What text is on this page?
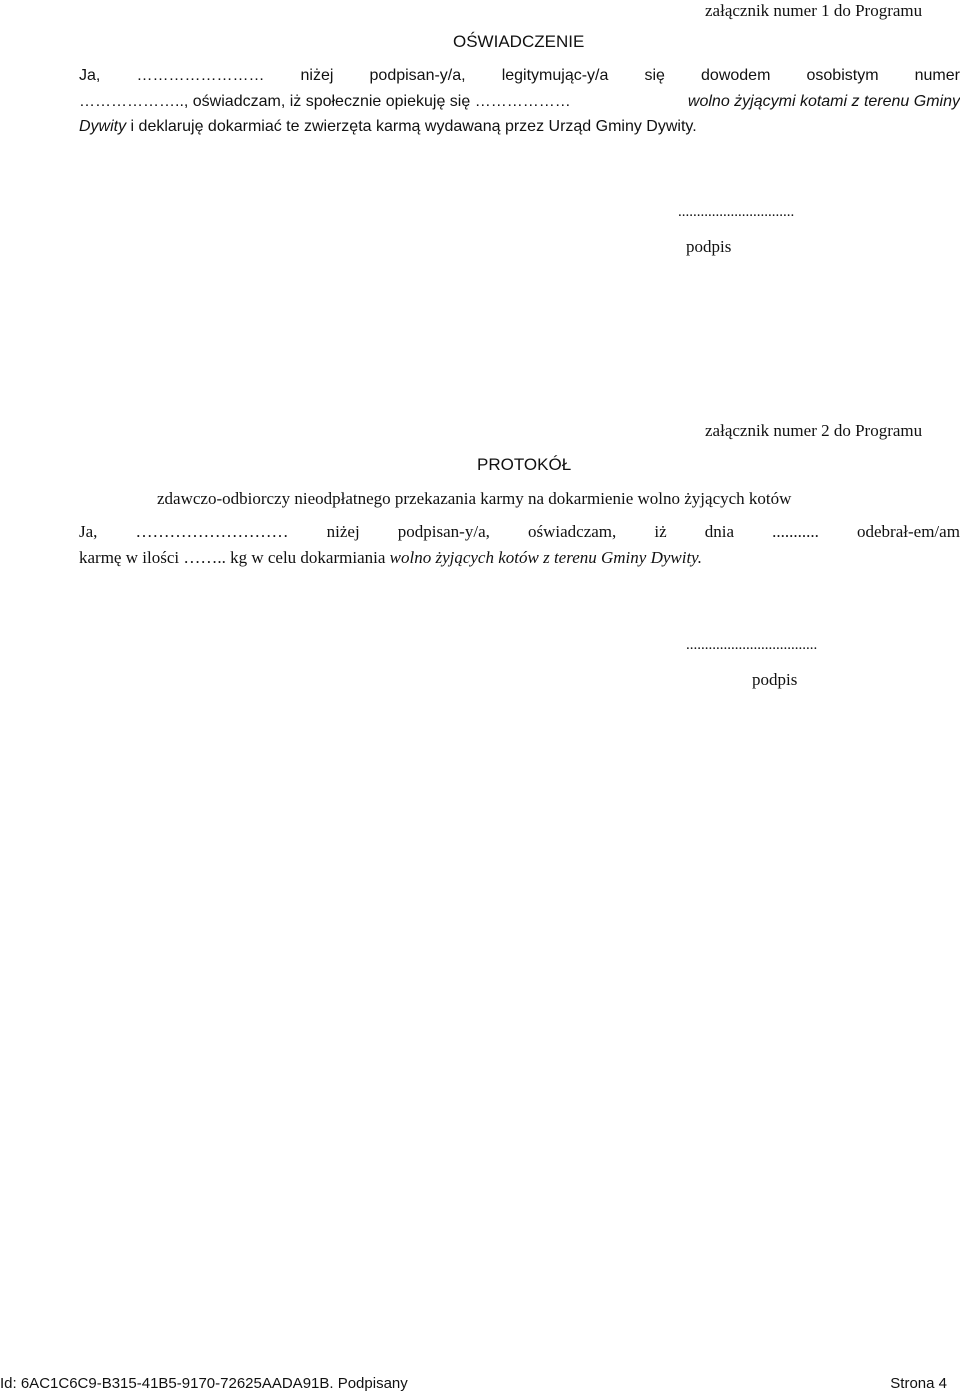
załącznik numer 1 do Programu
OŚWIADCZENIE
Ja, …………………… niżej podpisan-y/a, legitymując-y/a się dowodem osobistym numer
……………….., oświadczam, iż społecznie opiekuję się ………………	wolno żyjącymi kotami z terenu Gminy
Dywity i deklaruję dokarmiać te zwierzęta karmą wydawaną przez Urząd Gminy Dywity.
...............................
podpis
załącznik numer 2 do Programu
PROTOKÓŁ
zdawczo-odbiorczy nieodpłatnego przekazania karmy na dokarmienie wolno żyjących kotów
Ja, ……………………… niżej podpisan-y/a, oświadczam, iż dnia ........... odebrał-em/am
karmę w ilości …….. kg w celu dokarmiania wolno żyjących kotów z terenu Gminy Dywity.
...................................
podpis
Id: 6AC1C6C9-B315-41B5-9170-72625AADA91B. Podpisany	Strona 4
